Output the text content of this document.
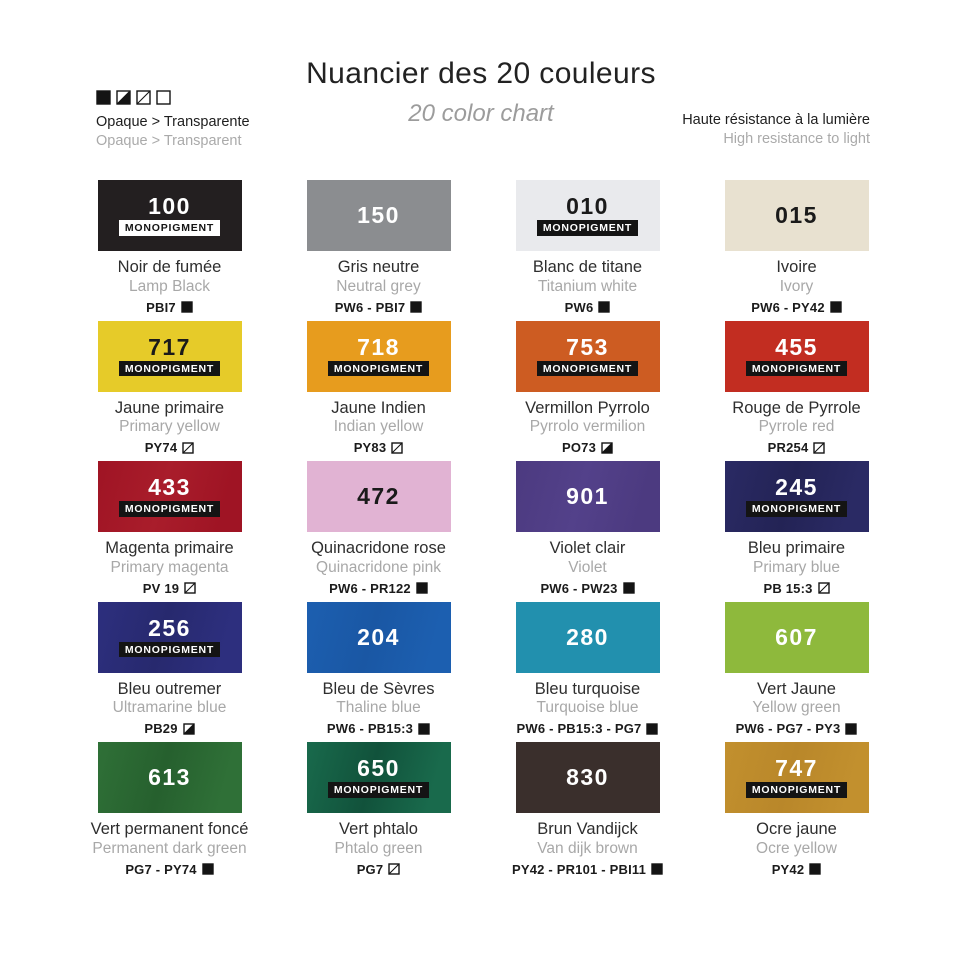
Nuancier des 20 couleurs
20 color chart
Opaque > Transparente
Opaque > Transparent
Haute résistance à la lumière
High resistance to light
100
MONOPIGMENT
Noir de fumée
Lamp Black
PBI7
150
Gris neutre
Neutral grey
PW6 - PBI7
010
MONOPIGMENT
Blanc de titane
Titanium white
PW6
015
Ivoire
Ivory
PW6 - PY42
717
MONOPIGMENT
Jaune primaire
Primary yellow
PY74
718
MONOPIGMENT
Jaune Indien
Indian yellow
PY83
753
MONOPIGMENT
Vermillon Pyrrolo
Pyrrolo vermilion
PO73
455
MONOPIGMENT
Rouge de Pyrrole
Pyrrole red
PR254
433
MONOPIGMENT
Magenta primaire
Primary magenta
PV 19
472
Quinacridone rose
Quinacridone pink
PW6 - PR122
901
Violet clair
Violet
PW6 - PW23
245
MONOPIGMENT
Bleu primaire
Primary blue
PB 15:3
256
MONOPIGMENT
Bleu outremer
Ultramarine blue
PB29
204
Bleu de Sèvres
Thaline blue
PW6 - PB15:3
280
Bleu turquoise
Turquoise blue
PW6 - PB15:3 - PG7
607
Vert Jaune
Yellow green
PW6 - PG7 - PY3
613
Vert permanent foncé
Permanent dark green
PG7 - PY74
650
MONOPIGMENT
Vert phtalo
Phtalo green
PG7
830
Brun Vandijck
Van dijk brown
PY42 - PR101 - PBI11
747
MONOPIGMENT
Ocre jaune
Ocre yellow
PY42
